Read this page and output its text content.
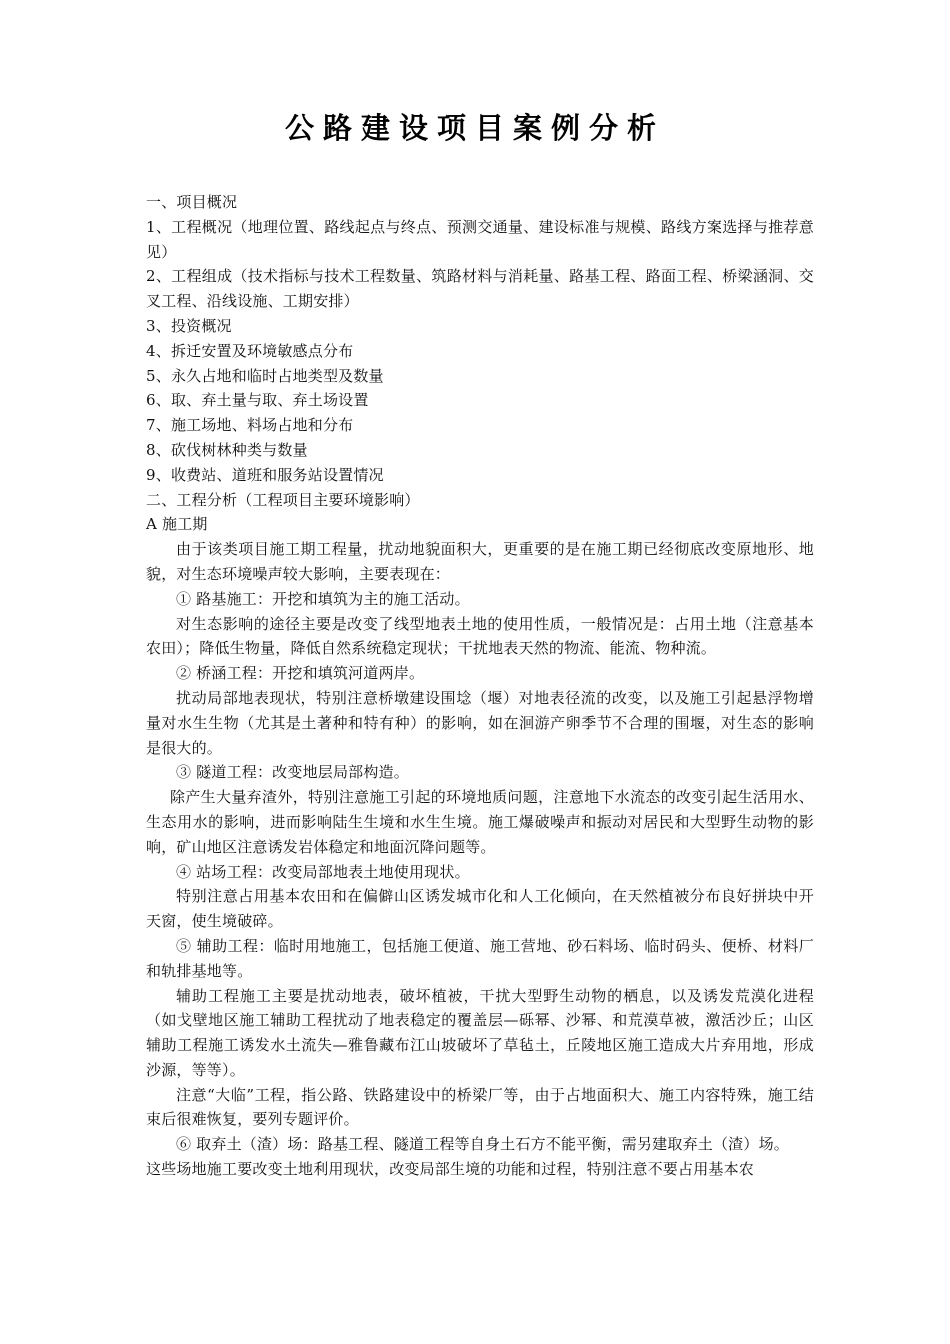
公路建设项目案例分析

一、项目概况

1、工程概况（地理位置、路线起点与终点、预测交通量、建设标准与规模、路线方案选择与推荐意见）

2、工程组成（技术指标与技术工程数量、筑路材料与消耗量、路基工程、路面工程、桥梁涵洞、交叉工程、沿线设施、工期安排）

3、投资概况

4、拆迁安置及环境敏感点分布

5、永久占地和临时占地类型及数量

6、取、弃土量与取、弃土场设置

7、施工场地、料场占地和分布

8、砍伐树林种类与数量

9、收费站、道班和服务站设置情况

二、工程分析（工程项目主要环境影响）

A 施工期

由于该类项目施工期工程量，扰动地貌面积大，更重要的是在施工期已经彻底改变原地形、地貌，对生态环境噪声较大影响，主要表现在：

① 路基施工：开挖和填筑为主的施工活动。

对生态影响的途径主要是改变了线型地表土地的使用性质，一般情况是：占用土地（注意基本农田）；降低生物量，降低自然系统稳定现状；干扰地表天然的物流、能流、物种流。

② 桥涵工程：开挖和填筑河道两岸。

扰动局部地表现状，特别注意桥墩建设围埝（堰）对地表径流的改变，以及施工引起悬浮物增量对水生生物（尤其是土著种和特有种）的影响，如在洄游产卵季节不合理的围堰，对生态的影响是很大的。

③ 隧道工程：改变地层局部构造。

除产生大量弃渣外，特别注意施工引起的环境地质问题，注意地下水流态的改变引起生活用水、生态用水的影响，进而影响陆生生境和水生生境。施工爆破噪声和振动对居民和大型野生动物的影响，矿山地区注意诱发岩体稳定和地面沉降问题等。

④ 站场工程：改变局部地表土地使用现状。

特别注意占用基本农田和在偏僻山区诱发城市化和人工化倾向，在天然植被分布良好拼块中开天窗，使生境破碎。

⑤ 辅助工程：临时用地施工，包括施工便道、施工营地、砂石料场、临时码头、便桥、材料厂和轨排基地等。

辅助工程施工主要是扰动地表，破坏植被，干扰大型野生动物的栖息，以及诱发荒漠化进程（如戈壁地区施工辅助工程扰动了地表稳定的覆盖层—砾幂、沙幂、和荒漠草被，激活沙丘；山区辅助工程施工诱发水土流失—雅鲁藏布江山坡破坏了草毡土，丘陵地区施工造成大片弃用地，形成沙源，等等）。

注意“大临”工程，指公路、铁路建设中的桥梁厂等，由于占地面积大、施工内容特殊，施工结束后很难恢复，要列专题评价。

⑥ 取弃土（渣）场：路基工程、隧道工程等自身土石方不能平衡，需另建取弃土（渣）场。

这些场地施工要改变土地利用现状，改变局部生境的功能和过程，特别注意不要占用基本农
